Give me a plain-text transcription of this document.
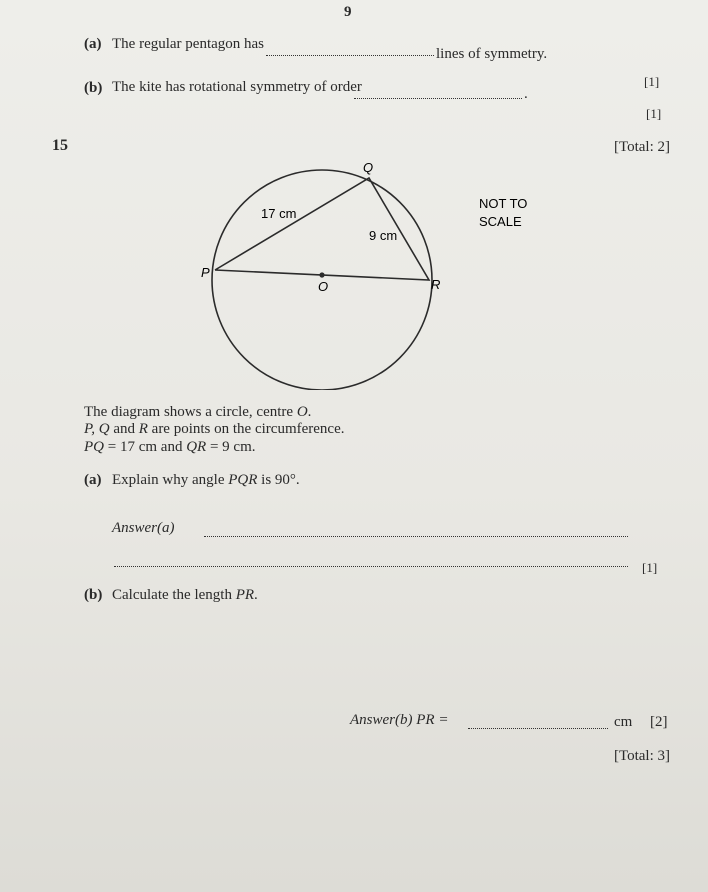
9
(a) The regular pentagon has
lines of symmetry.
[1]
(b) The kite has rotational symmetry of order	.
[1]
[Total: 2]
15
Q
P
R
O
17 cm
9 cm
NOT TO
SCALE
The diagram shows a circle, centre O.
P, Q and R are points on the circumference.
PQ = 17 cm and QR = 9 cm.
(a) Explain why angle PQR is 90°.
Answer(a)
[1]
(b) Calculate the length PR.
Answer(b) PR =	cm [2]
[Total: 3]
